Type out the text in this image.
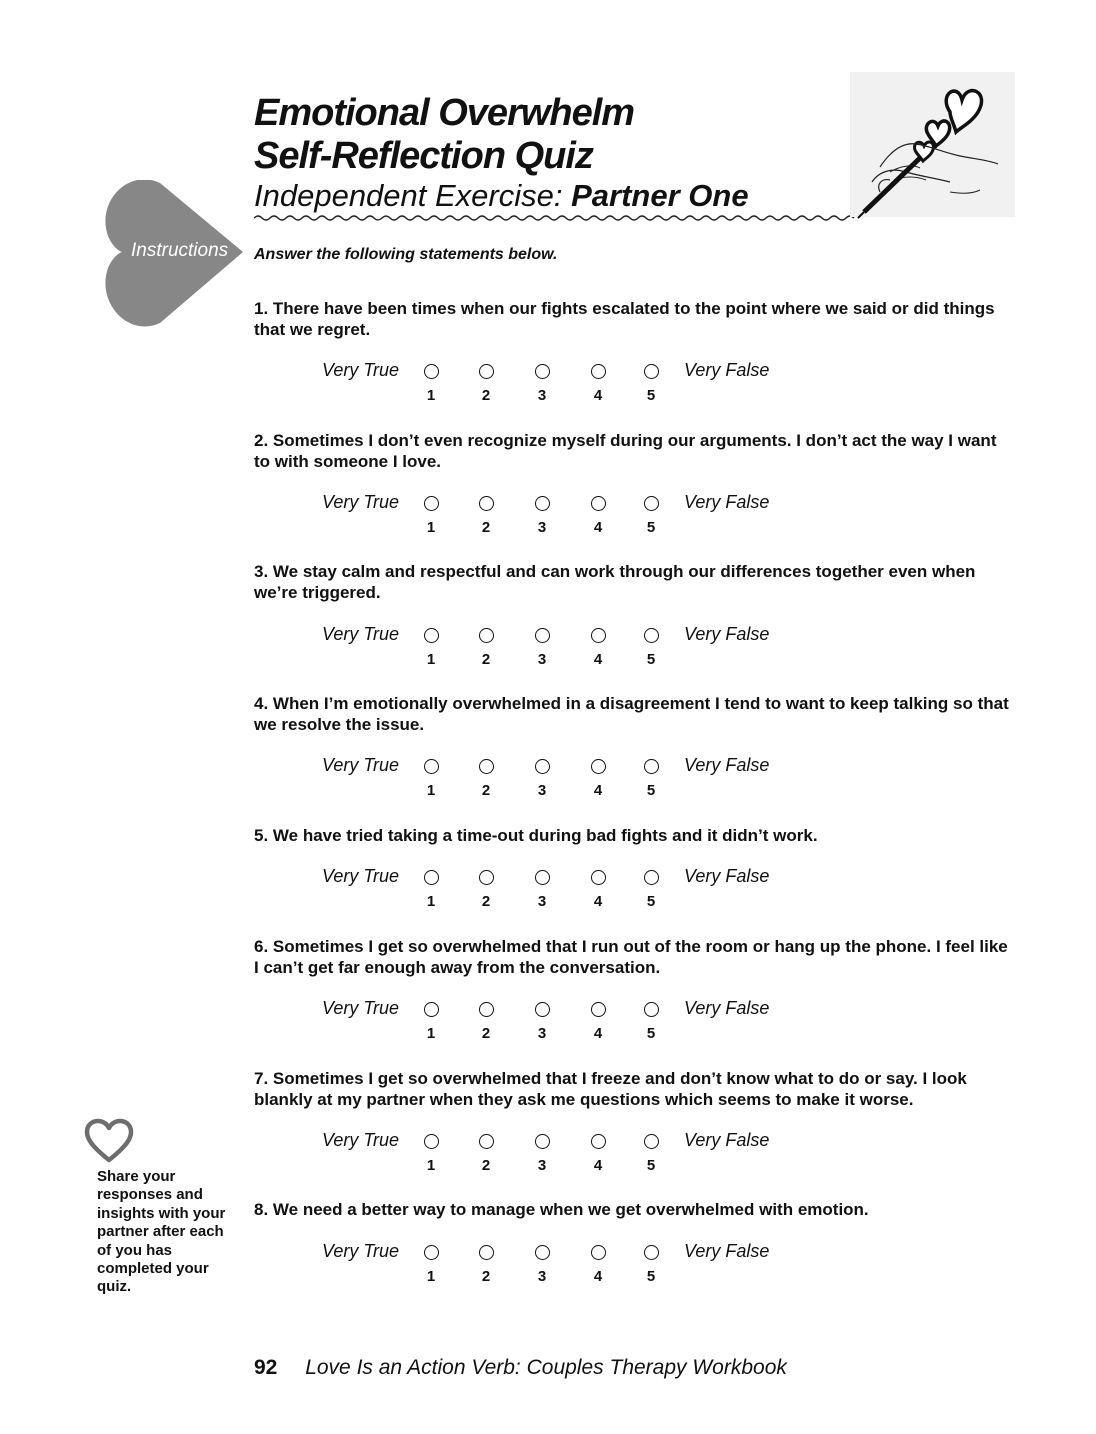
Emotional Overwhelm
Self-Reflection Quiz
Independent Exercise: Partner One
Instructions Answer the following statements below.
1. There have been times when our fights escalated to the point where we said or did things that we regret.
Very True
1	2	3	4	5
Very False
2. Sometimes I don’t even recognize myself during our arguments. I don’t act the way I want to with someone I love.
Very True
1	2	3	4	5
Very False
3. We stay calm and respectful and can work through our differences together even when we’re triggered.
Very True
1	2	3	4	5
Very False
4. When I’m emotionally overwhelmed in a disagreement I tend to want to keep talking so that we resolve the issue.
Very True
1	2	3	4	5
Very False
5. We have tried taking a time-out during bad fights and it didn’t work.
Very True
1	2	3	4	5
Very False
6. Sometimes I get so overwhelmed that I run out of the room or hang up the phone. I feel like I can’t get far enough away from the conversation.
Very True
1	2	3	4	5
Very False
7. Sometimes I get so overwhelmed that I freeze and don’t know what to do or say. I look blankly at my partner when they ask me questions which seems to make it worse.
Very True
1	2	3	4	5
Very False
8. We need a better way to manage when we get overwhelmed with emotion.
Very True
1	2	3	4	5
Very False
Share your responses and insights with your partner after each of you has completed your quiz.
92 Love Is an Action Verb: Couples Therapy Workbook
